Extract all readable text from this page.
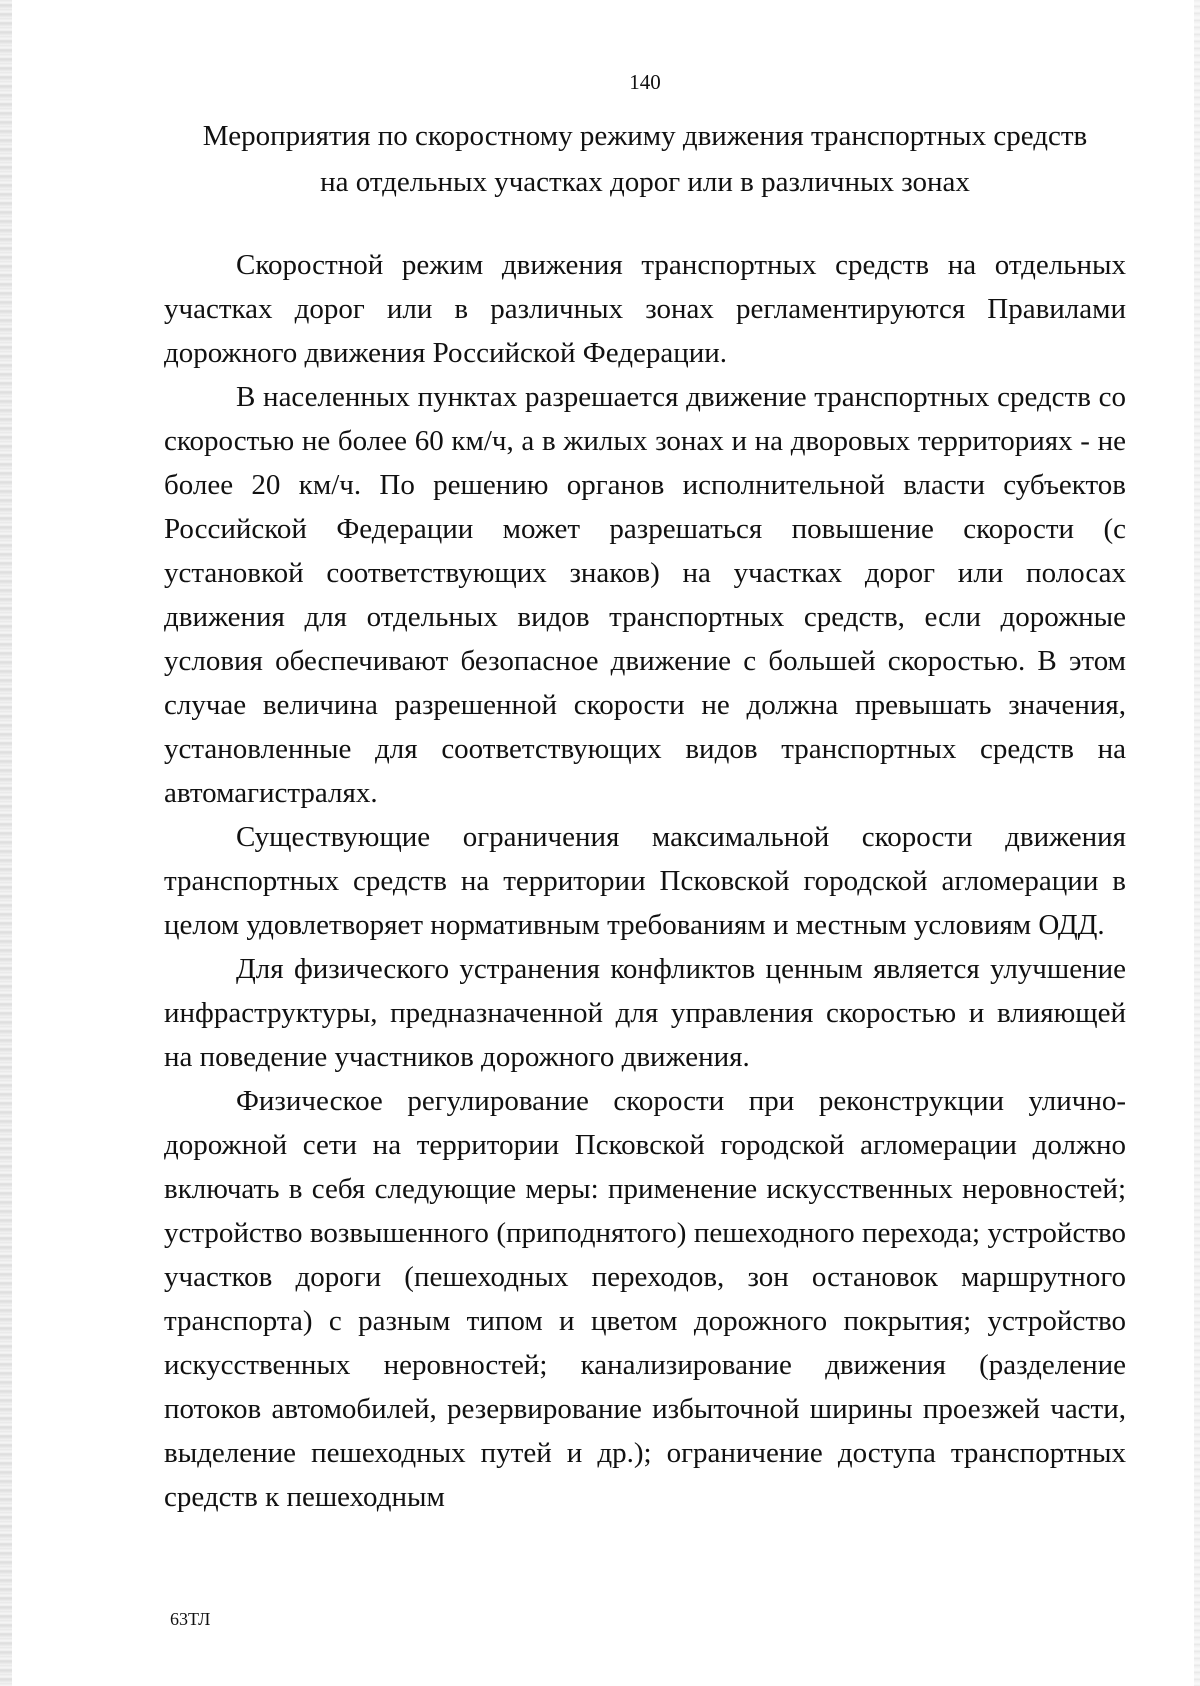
140
Мероприятия по скоростному режиму движения транспортных средств
на отдельных участках дорог или в различных зонах

Скоростной режим движения транспортных средств на отдельных участках дорог или в различных зонах регламентируются Правилами дорожного движения Российской Федерации.

В населенных пунктах разрешается движение транспортных средств со скоростью не более 60 км/ч, а в жилых зонах и на дворовых территориях - не более 20 км/ч. По решению органов исполнительной власти субъектов Российской Федерации может разрешаться повышение скорости (с установкой соответствующих знаков) на участках дорог или полосах движения для отдельных видов транспортных средств, если дорожные условия обеспечивают безопасное движение с большей скоростью. В этом случае величина разрешенной скорости не должна превышать значения, установленные для соответствующих видов транспортных средств на автомагистралях.

Существующие ограничения максимальной скорости движения транспортных средств на территории Псковской городской агломерации в целом удовлетворяет нормативным требованиям и местным условиям ОДД.

Для физического устранения конфликтов ценным является улучшение инфраструктуры, предназначенной для управления скоростью и влияющей на поведение участников дорожного движения.

Физическое регулирование скорости при реконструкции улично-дорожной сети на территории Псковской городской агломерации должно включать в себя следующие меры: применение искусственных неровностей; устройство возвышенного (приподнятого) пешеходного перехода; устройство участков дороги (пешеходных переходов, зон остановок маршрутного транспорта) с разным типом и цветом дорожного покрытия; устройство искусственных неровностей; канализирование движения (разделение потоков автомобилей, резервирование избыточной ширины проезжей части, выделение пешеходных путей и др.); ограничение доступа транспортных средств к пешеходным

63ТЛ
